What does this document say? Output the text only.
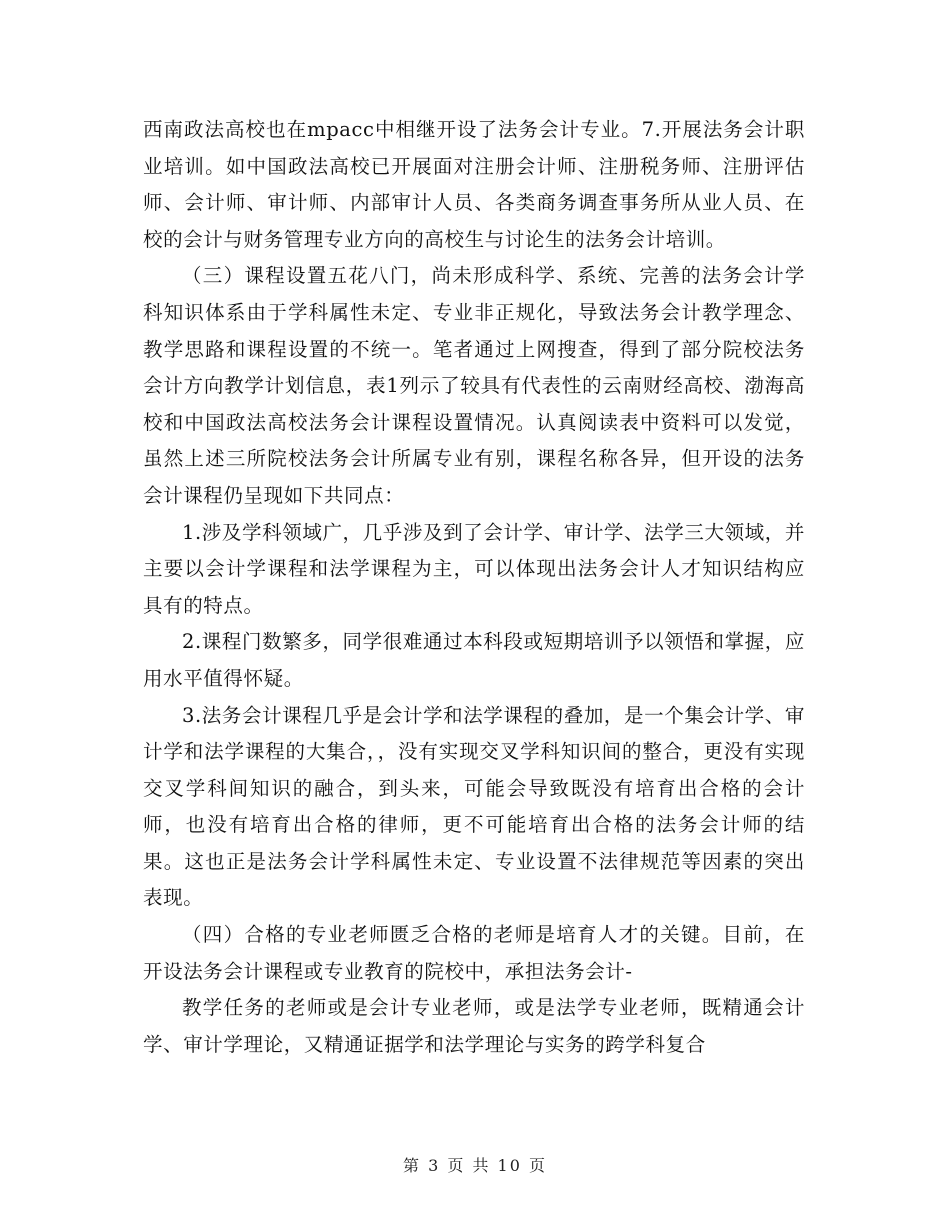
西南政法高校也在mpacc中相继开设了法务会计专业。7.开展法务会计职业培训。如中国政法高校已开展面对注册会计师、注册税务师、注册评估师、会计师、审计师、内部审计人员、各类商务调查事务所从业人员、在校的会计与财务管理专业方向的高校生与讨论生的法务会计培训。

（三）课程设置五花八门，尚未形成科学、系统、完善的法务会计学科知识体系由于学科属性未定、专业非正规化，导致法务会计教学理念、教学思路和课程设置的不统一。笔者通过上网搜查，得到了部分院校法务会计方向教学计划信息，表1列示了较具有代表性的云南财经高校、渤海高校和中国政法高校法务会计课程设置情况。认真阅读表中资料可以发觉，虽然上述三所院校法务会计所属专业有别，课程名称各异，但开设的法务会计课程仍呈现如下共同点：

1.涉及学科领域广，几乎涉及到了会计学、审计学、法学三大领域，并主要以会计学课程和法学课程为主，可以体现出法务会计人才知识结构应具有的特点。

2.课程门数繁多，同学很难通过本科段或短期培训予以领悟和掌握，应用水平值得怀疑。

3.法务会计课程几乎是会计学和法学课程的叠加，是一个集会计学、审计学和法学课程的大集合，，没有实现交叉学科知识间的整合，更没有实现交叉学科间知识的融合，到头来，可能会导致既没有培育出合格的会计师，也没有培育出合格的律师，更不可能培育出合格的法务会计师的结果。这也正是法务会计学科属性未定、专业设置不法律规范等因素的突出表现。

（四）合格的专业老师匮乏合格的老师是培育人才的关键。目前，在开设法务会计课程或专业教育的院校中，承担法务会计-

教学任务的老师或是会计专业老师，或是法学专业老师，既精通会计学、审计学理论，又精通证据学和法学理论与实务的跨学科复合

第 3 页 共 10 页
